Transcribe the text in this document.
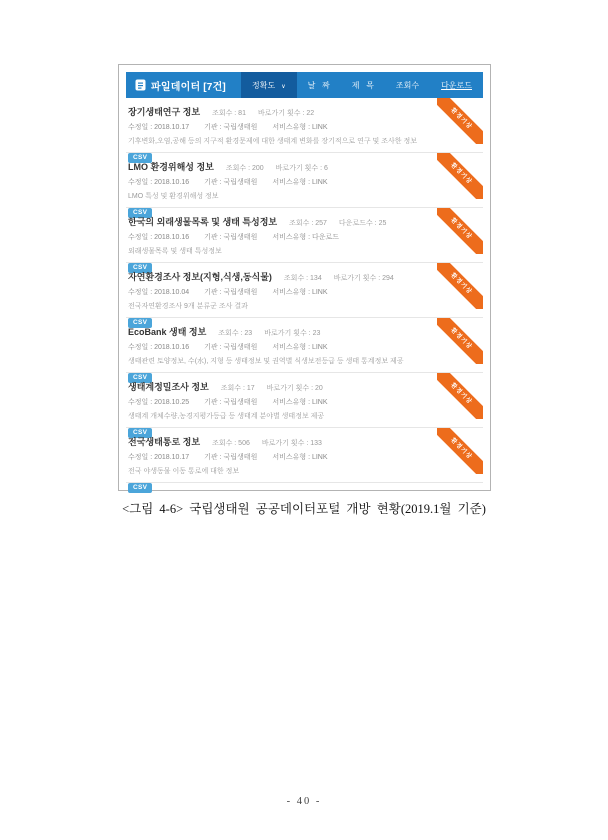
파일데이터 [7건]	정확도 ∨	날   짜	제   목	조회수	다운로드
장기생태연구 정보 조회수 : 81 바로가기 횟수 : 22
수정일 : 2018.10.17 기관 : 국립생태원 서비스유형 : LINK
기후변화,오염,공해 등의 지구적 환경문제에 대한 생태계 변화를 장기적으로 연구 및 조사한 정보
CSV
환경기상
LMO 환경위해성 정보 조회수 : 200 바로가기 횟수 : 6
수정일 : 2018.10.16 기관 : 국립생태원 서비스유형 : LINK
LMO 특성 및 환경위해성 정보
CSV
환경기상
한국의 외래생물목록 및 생태 특성정보 조회수 : 257 다운로드수 : 25
수정일 : 2018.10.16 기관 : 국립생태원 서비스유형 : 다운로드
외래생물목록 및 생태 특성정보
CSV
환경기상
자연환경조사 정보(지형,식생,동식물) 조회수 : 134 바로가기 횟수 : 294
수정일 : 2018.10.04 기관 : 국립생태원 서비스유형 : LINK
전국자연환경조사 9개 분류군 조사 결과
CSV
환경기상
EcoBank 생태 정보 조회수 : 23 바로가기 횟수 : 23
수정일 : 2018.10.16 기관 : 국립생태원 서비스유형 : LINK
생태관련 토양정보, 수(水), 지형 등 생태정보 및 권역별 식생보전등급 등 생태 통계정보 제공
CSV
환경기상
생태계정밀조사 정보 조회수 : 17 바로가기 횟수 : 20
수정일 : 2018.10.25 기관 : 국립생태원 서비스유형 : LINK
생태계 개체수량,농경지평가등급 등 생태계 분야별 생태정보 제공
CSV
환경기상
전국생태통로 정보 조회수 : 506 바로가기 횟수 : 133
수정일 : 2018.10.17 기관 : 국립생태원 서비스유형 : LINK
전국 야생동물 이동 통로에 대한 정보
CSV
환경기상
<그림 4-6> 국립생태원 공공데이터포털 개방 현황(2019.1월 기준)
- 40 -
